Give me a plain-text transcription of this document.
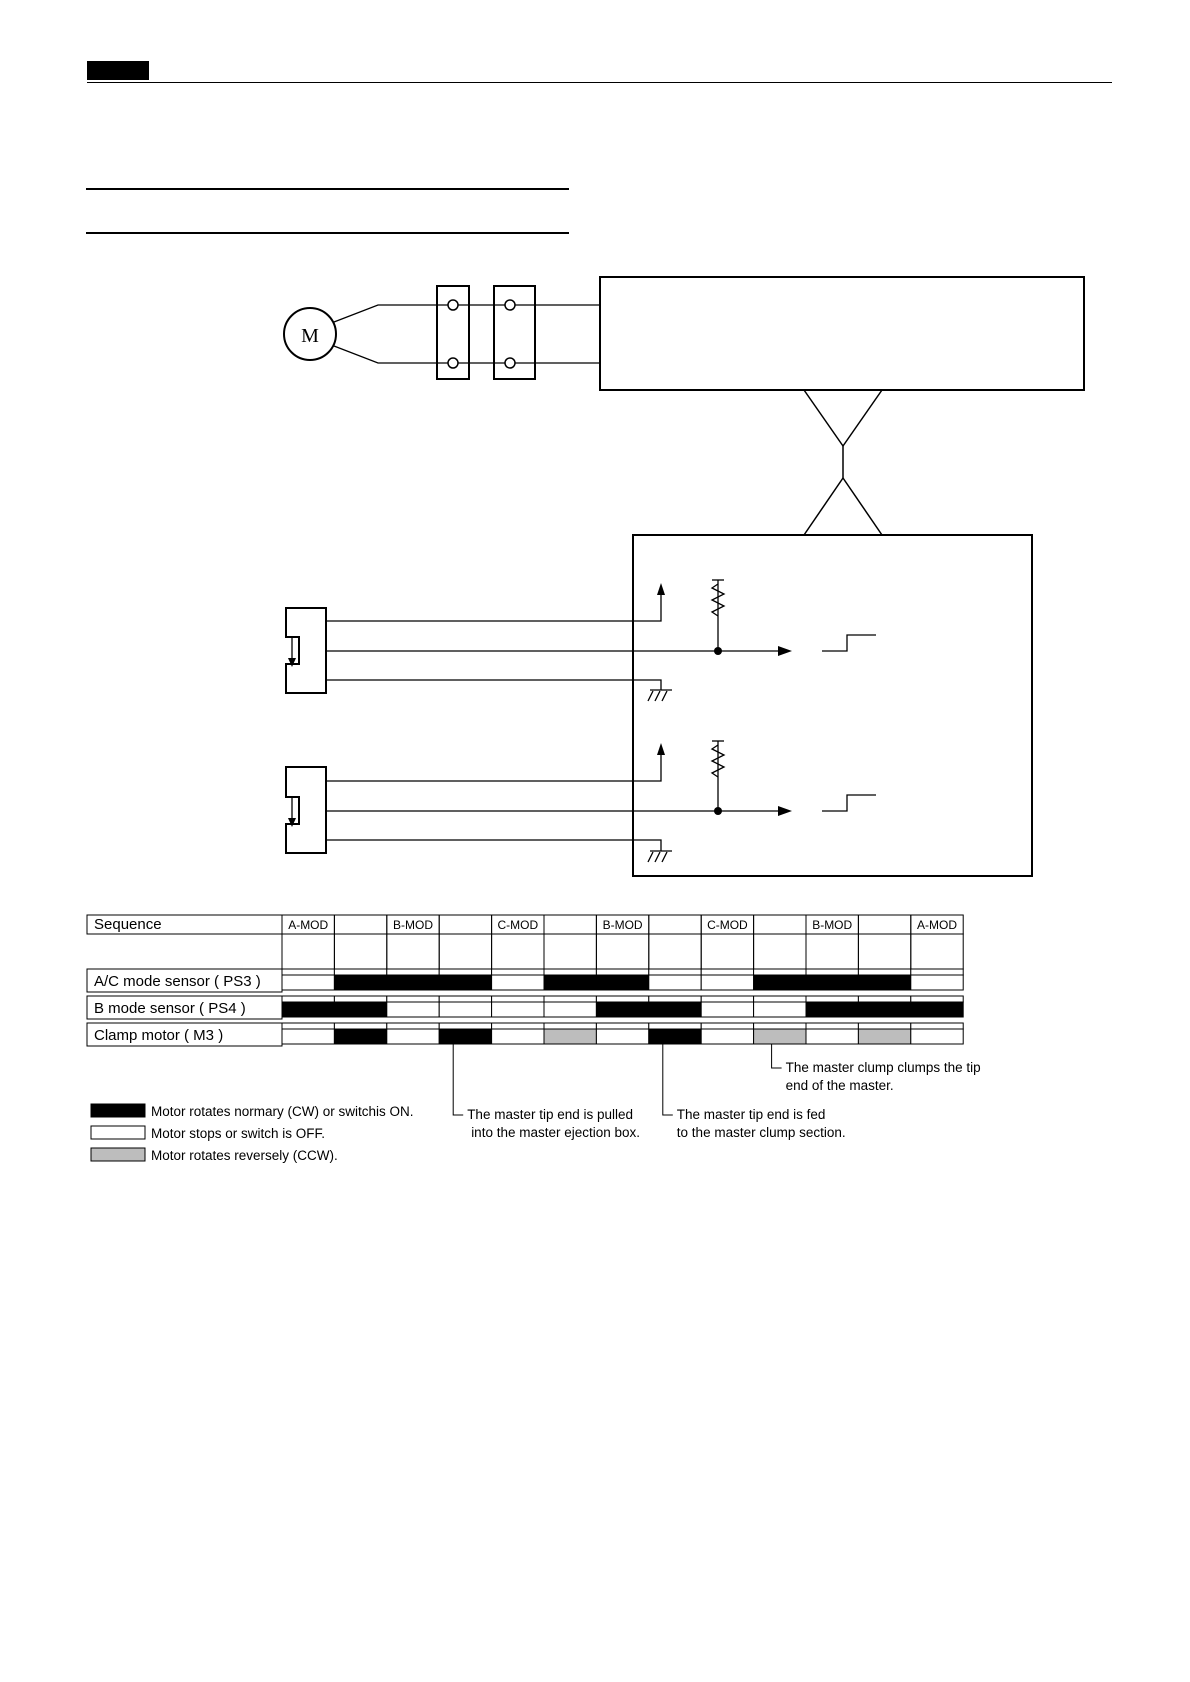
M
Sequence	A-MOD	B-MOD	C-MOD	B-MOD	C-MOD	B-MOD	A-MOD
A/C mode sensor ( PS3 )
B mode sensor ( PS4 )
Clamp motor ( M3 )
The master tip end is pulled
into the master ejection box.
The master tip end is fed
to the master clump section.
The master clump clumps the tip
end of the master.
Motor rotates normary (CW) or switchis ON.
Motor stops or switch is OFF.
Motor rotates reversely (CCW).
